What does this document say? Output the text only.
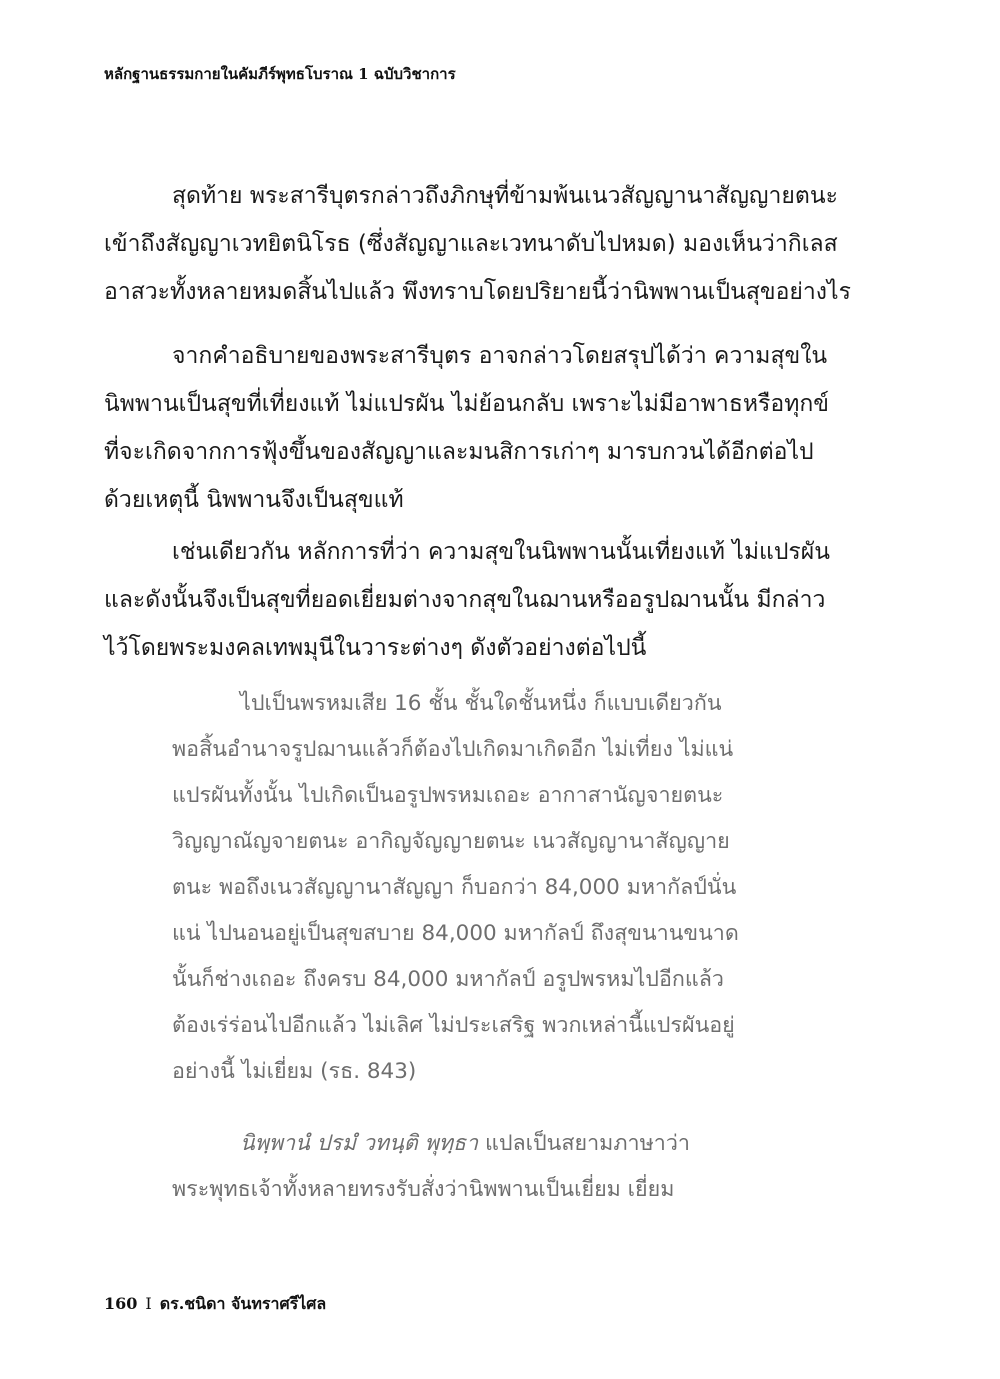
หลักฐานธรรมกายในคัมภีร์พุทธโบราณ 1 ฉบับวิชาการ
สุดท้าย พระสารีบุตรกล่าวถึงภิกษุที่ข้ามพ้นเนวสัญญานาสัญญายตนะ
เข้าถึงสัญญาเวทยิตนิโรธ (ซึ่งสัญญาและเวทนาดับไปหมด) มองเห็นว่ากิเลส
อาสวะทั้งหลายหมดสิ้นไปแล้ว พึงทราบโดยปริยายนี้ว่านิพพานเป็นสุขอย่างไร
จากคำอธิบายของพระสารีบุตร อาจกล่าวโดยสรุปได้ว่า ความสุขใน
นิพพานเป็นสุขที่เที่ยงแท้ ไม่แปรผัน ไม่ย้อนกลับ เพราะไม่มีอาพาธหรือทุกข์
ที่จะเกิดจากการฟุ้งขึ้นของสัญญาและมนสิการเก่าๆ มารบกวนได้อีกต่อไป
ด้วยเหตุนี้ นิพพานจึงเป็นสุขแท้
เช่นเดียวกัน หลักการที่ว่า ความสุขในนิพพานนั้นเที่ยงแท้ ไม่แปรผัน
และดังนั้นจึงเป็นสุขที่ยอดเยี่ยมต่างจากสุขในฌานหรืออรูปฌานนั้น มีกล่าว
ไว้โดยพระมงคลเทพมุนีในวาระต่างๆ ดังตัวอย่างต่อไปนี้
ไปเป็นพรหมเสีย 16 ชั้น ชั้นใดชั้นหนึ่ง ก็แบบเดียวกัน
พอสิ้นอำนาจรูปฌานแล้วก็ต้องไปเกิดมาเกิดอีก ไม่เที่ยง ไม่แน่
แปรผันทั้งนั้น ไปเกิดเป็นอรูปพรหมเถอะ อากาสานัญจายตนะ
วิญญาณัญจายตนะ อากิญจัญญายตนะ เนวสัญญานาสัญญาย
ตนะ พอถึงเนวสัญญานาสัญญา ก็บอกว่า 84,000 มหากัลป์นั่น
แน่ ไปนอนอยู่เป็นสุขสบาย 84,000 มหากัลป์ ถึงสุขนานขนาด
นั้นก็ช่างเถอะ ถึงครบ 84,000 มหากัลป์ อรูปพรหมไปอีกแล้ว
ต้องเร่ร่อนไปอีกแล้ว ไม่เลิศ ไม่ประเสริฐ พวกเหล่านี้แปรผันอยู่
อย่างนี้ ไม่เยี่ยม (รธ. 843)
นิพฺพานํ ปรมํ วทนฺติ พุทฺธา แปลเป็นสยามภาษาว่า
พระพุทธเจ้าทั้งหลายทรงรับสั่งว่านิพพานเป็นเยี่ยม เยี่ยม
160 I ดร.ชนิดา จันทราศรีไศล
